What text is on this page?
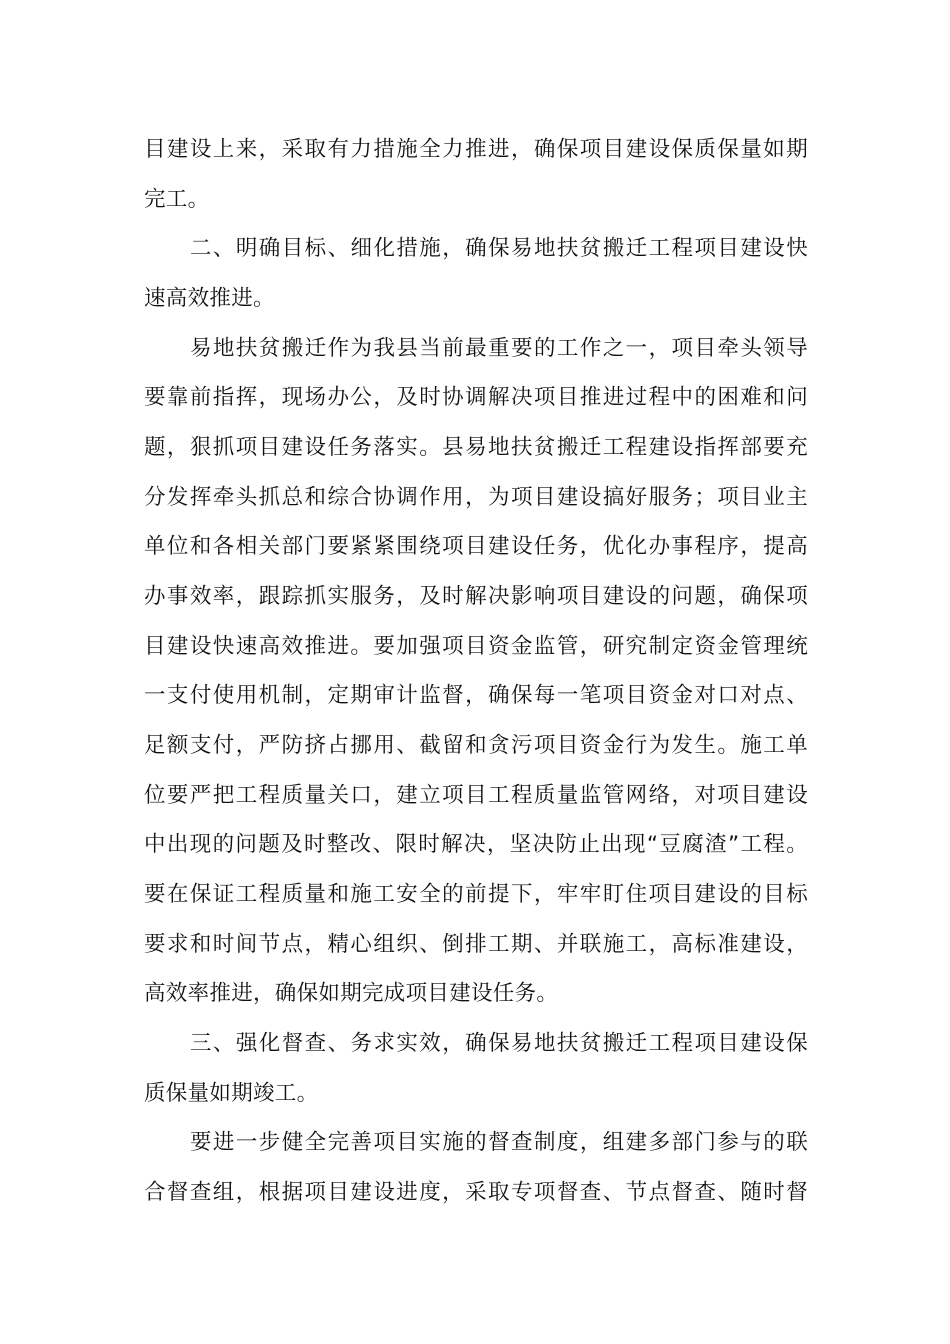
目建设上来，采取有力措施全力推进，确保项目建设保质保量如期
完工。
二、明确目标、细化措施，确保易地扶贫搬迁工程项目建设快
速高效推进。
易地扶贫搬迁作为我县当前最重要的工作之一，项目牵头领导
要靠前指挥，现场办公，及时协调解决项目推进过程中的困难和问
题，狠抓项目建设任务落实。县易地扶贫搬迁工程建设指挥部要充
分发挥牵头抓总和综合协调作用，为项目建设搞好服务；项目业主
单位和各相关部门要紧紧围绕项目建设任务，优化办事程序，提高
办事效率，跟踪抓实服务，及时解决影响项目建设的问题，确保项
目建设快速高效推进。要加强项目资金监管，研究制定资金管理统
一支付使用机制，定期审计监督，确保每一笔项目资金对口对点、
足额支付，严防挤占挪用、截留和贪污项目资金行为发生。施工单
位要严把工程质量关口，建立项目工程质量监管网络，对项目建设
中出现的问题及时整改、限时解决，坚决防止出现“豆腐渣”工程。
要在保证工程质量和施工安全的前提下，牢牢盯住项目建设的目标
要求和时间节点，精心组织、倒排工期、并联施工，高标准建设，
高效率推进，确保如期完成项目建设任务。
三、强化督查、务求实效，确保易地扶贫搬迁工程项目建设保
质保量如期竣工。
要进一步健全完善项目实施的督查制度，组建多部门参与的联
合督查组，根据项目建设进度，采取专项督查、节点督查、随时督
